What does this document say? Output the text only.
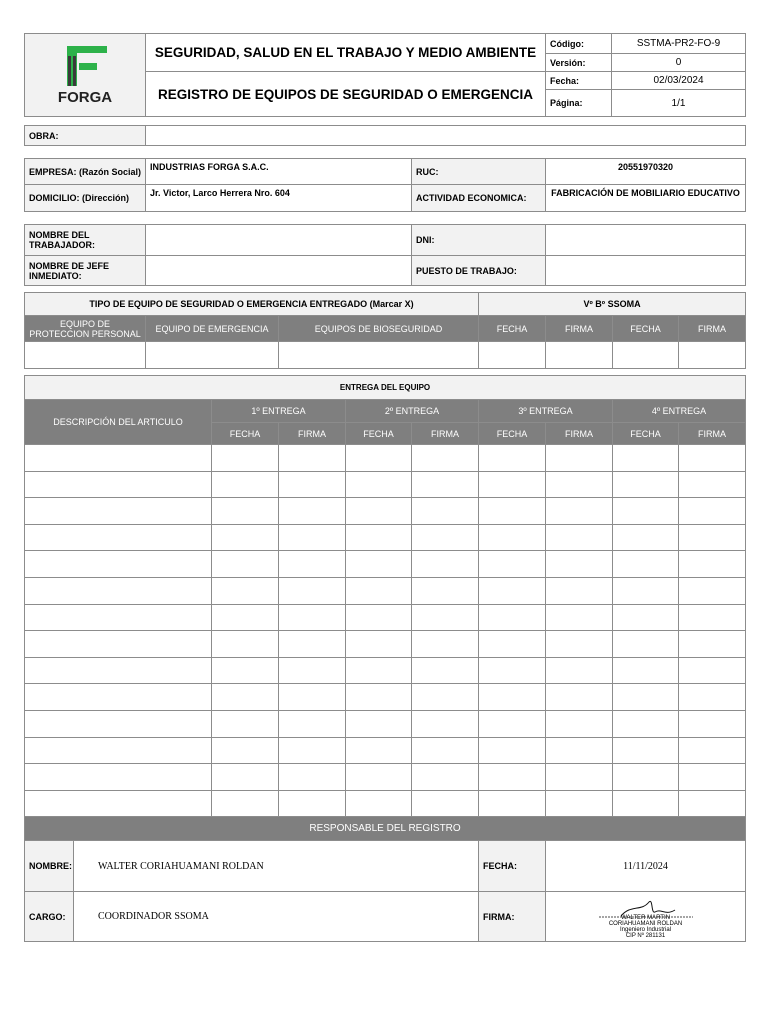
FORGA	SEGURIDAD, SALUD EN EL TRABAJO Y MEDIO AMBIENTE	Código:	SSTMA-PR2-FO-9
		Versión:	0
	REGISTRO DE EQUIPOS DE SEGURIDAD O EMERGENCIA	Fecha:	02/03/2024
		Página:	1/1
OBRA:	
EMPRESA: (Razón Social)	INDUSTRIAS FORGA S.A.C.	RUC:	20551970320
DOMICILIO: (Dirección)	Jr. Victor, Larco Herrera Nro. 604	ACTIVIDAD ECONOMICA:	FABRICACIÓN DE MOBILIARIO EDUCATIVO
NOMBRE DEL TRABAJADOR:		DNI:	
NOMBRE DE JEFE INMEDIATO:		PUESTO DE TRABAJO:	
TIPO DE EQUIPO DE SEGURIDAD O EMERGENCIA ENTREGADO (Marcar X)			Vº Bº SSOMA			
EQUIPO DE PROTECCION PERSONAL	EQUIPO DE EMERGENCIA	EQUIPOS DE BIOSEGURIDAD	FECHA	FIRMA	FECHA	FIRMA

ENTREGA DEL EQUIPO								
DESCRIPCIÓN DEL ARTICULO	1º ENTREGA		2º ENTREGA		3º ENTREGA		4º ENTREGA	
	FECHA	FIRMA	FECHA	FIRMA	FECHA	FIRMA	FECHA	FIRMA

RESPONSABLE DEL REGISTRO			
NOMBRE:	WALTER CORIAHUAMANI ROLDAN	FECHA:	11/11/2024
CARGO:	COORDINADOR SSOMA	FIRMA:	WALTER MARTIN
CORIAHUAMANI ROLDAN
Ingeniero Industrial
CIP Nº 281131
